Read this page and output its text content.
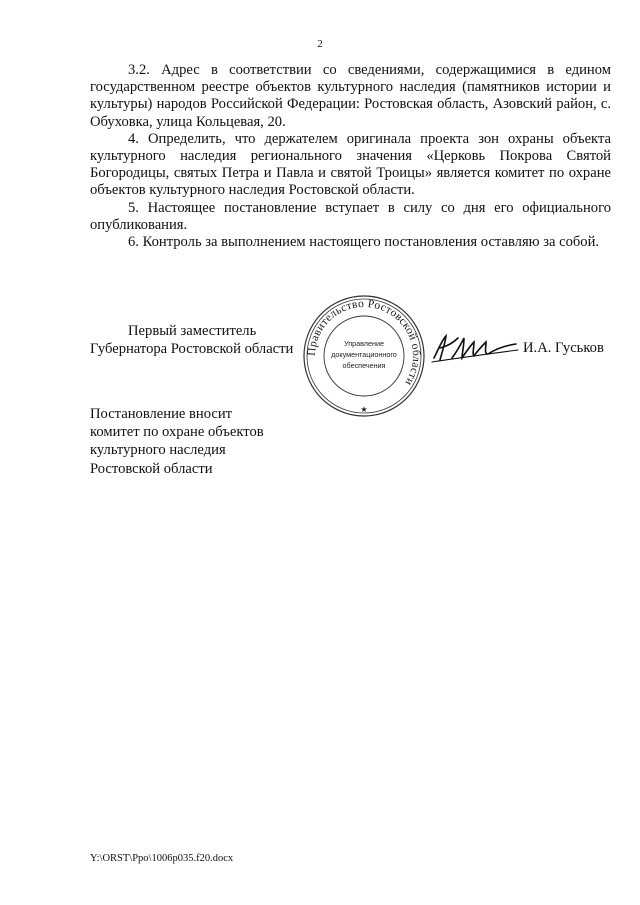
2

3.2. Адрес в соответствии со сведениями, содержащимися в едином государственном реестре объектов культурного наследия (памятников истории и культуры) народов Российской Федерации: Ростовская область, Азовский район, с. Обуховка, улица Кольцевая, 20.

4. Определить, что держателем оригинала проекта зон охраны объекта культурного наследия регионального значения «Церковь Покрова Святой Богородицы, святых Петра и Павла и святой Троицы» является комитет по охране объектов культурного наследия Ростовской области.

5. Настоящее постановление вступает в силу со дня его официального опубликования.

6. Контроль за выполнением настоящего постановления оставляю за собой.

Первый заместитель
Губернатора Ростовской области Правительство Ростовской области
Управление
документационного
обеспечения
★
И.А. Гуськов
Постановление вносит
комитет по охране объектов
культурного наследия
Ростовской области
Y:\ORST\Ppo\1006p035.f20.docx
